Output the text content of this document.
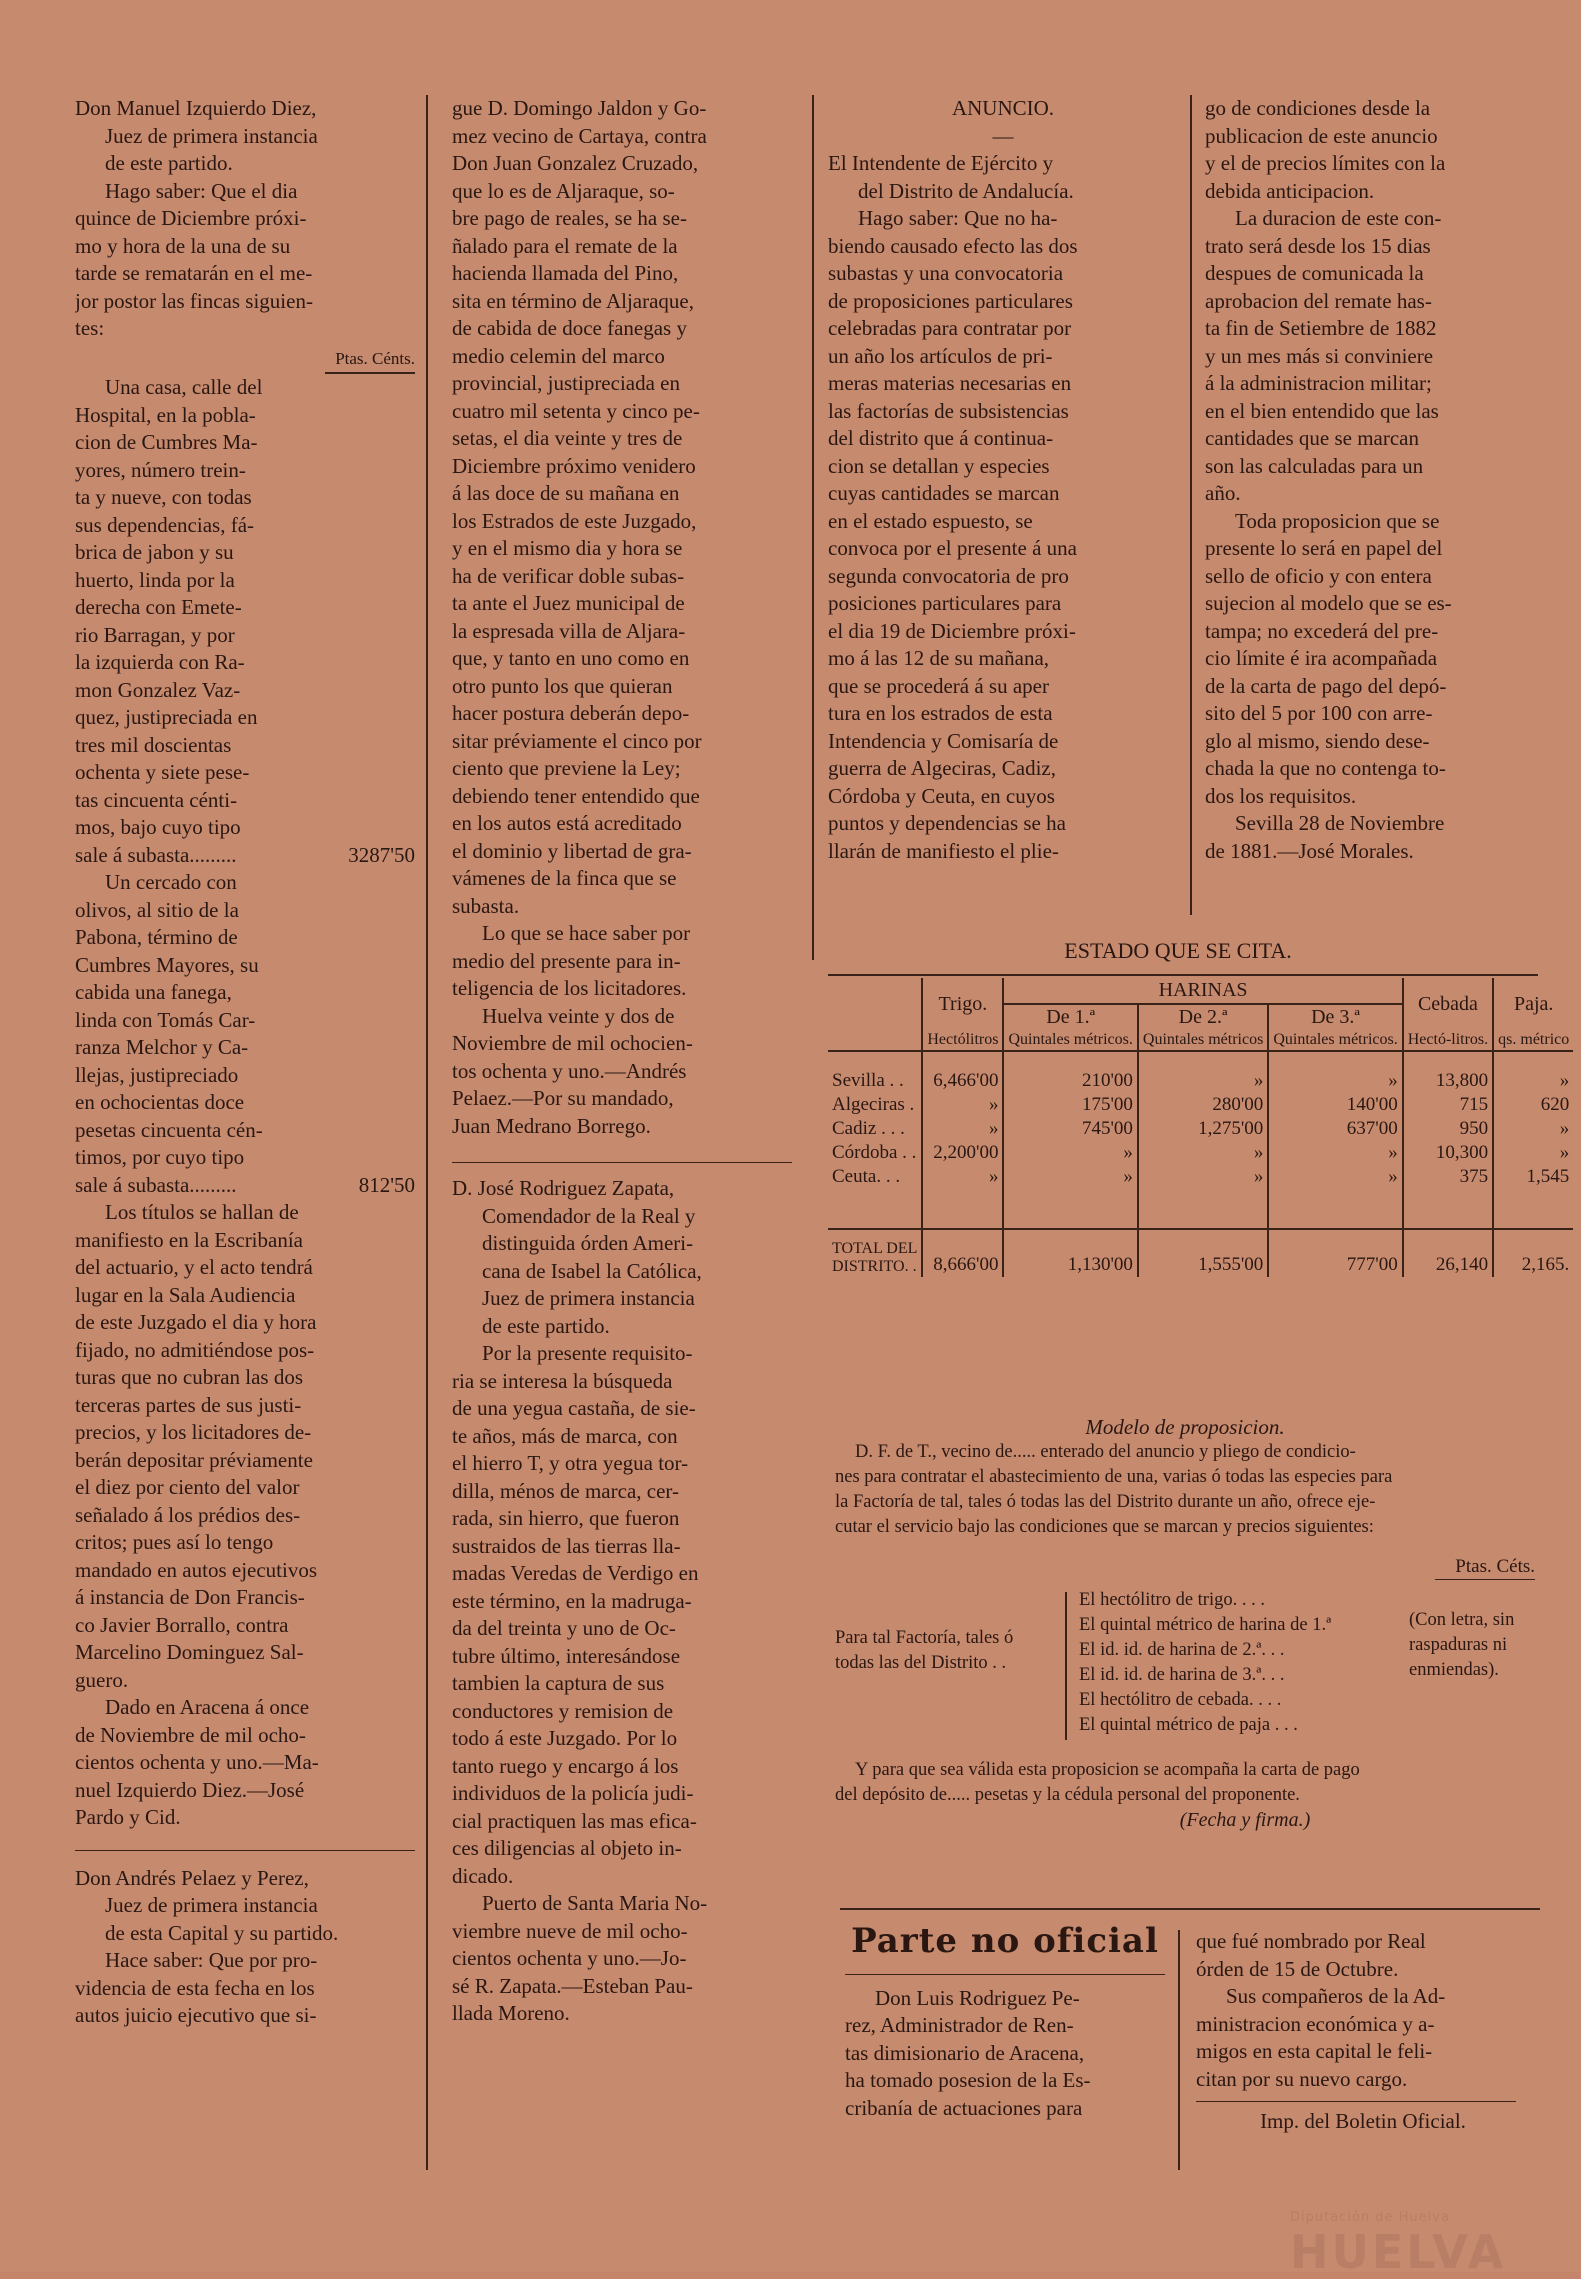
Don Manuel Izquierdo Diez,
Juez de primera instancia
de este partido.
Hago saber: Que el dia
quince de Diciembre próxi-
mo y hora de la una de su
tarde se rematarán en el me-
jor postor las fincas siguien-
tes:
Ptas. Cénts.
Una casa, calle del
Hospital, en la pobla-
cion de Cumbres Ma-
yores, número trein-
ta y nueve, con todas
sus dependencias, fá-
brica de jabon y su
huerto, linda por la
derecha con Emete-
rio Barragan, y por
la izquierda con Ra-
mon Gonzalez Vaz-
quez, justipreciada en
tres mil doscientas
ochenta y siete pese-
tas cincuenta cénti-
mos, bajo cuyo tipo
sale á subasta.........	3287'50
Un cercado con
olivos, al sitio de la
Pabona, término de
Cumbres Mayores, su
cabida una fanega,
linda con Tomás Car-
ranza Melchor y Ca-
llejas, justipreciado
en ochocientas doce
pesetas cincuenta cén-
timos, por cuyo tipo
sale á subasta.........	812'50
Los títulos se hallan de
manifiesto en la Escribanía
del actuario, y el acto tendrá
lugar en la Sala Audiencia
de este Juzgado el dia y hora
fijado, no admitiéndose pos-
turas que no cubran las dos
terceras partes de sus justi-
precios, y los licitadores de-
berán depositar préviamente
el diez por ciento del valor
señalado á los prédios des-
critos; pues así lo tengo
mandado en autos ejecutivos
á instancia de Don Francis-
co Javier Borrallo, contra
Marcelino Dominguez Sal-
guero.
Dado en Aracena á once
de Noviembre de mil ocho-
cientos ochenta y uno.—Ma-
nuel Izquierdo Diez.—José
Pardo y Cid.
Don Andrés Pelaez y Perez,
Juez de primera instancia
de esta Capital y su partido.
Hace saber: Que por pro-
videncia de esta fecha en los
autos juicio ejecutivo que si-
gue D. Domingo Jaldon y Go-
mez vecino de Cartaya, contra
Don Juan Gonzalez Cruzado,
que lo es de Aljaraque, so-
bre pago de reales, se ha se-
ñalado para el remate de la
hacienda llamada del Pino,
sita en término de Aljaraque,
de cabida de doce fanegas y
medio celemin del marco
provincial, justipreciada en
cuatro mil setenta y cinco pe-
setas, el dia veinte y tres de
Diciembre próximo venidero
á las doce de su mañana en
los Estrados de este Juzgado,
y en el mismo dia y hora se
ha de verificar doble subas-
ta ante el Juez municipal de
la espresada villa de Aljara-
que, y tanto en uno como en
otro punto los que quieran
hacer postura deberán depo-
sitar préviamente el cinco por
ciento que previene la Ley;
debiendo tener entendido que
en los autos está acreditado
el dominio y libertad de gra-
vámenes de la finca que se
subasta.
Lo que se hace saber por
medio del presente para in-
teligencia de los licitadores.
Huelva veinte y dos de
Noviembre de mil ochocien-
tos ochenta y uno.—Andrés
Pelaez.—Por su mandado,
Juan Medrano Borrego.
D. José Rodriguez Zapata,
Comendador de la Real y
distinguida órden Ameri-
cana de Isabel la Católica,
Juez de primera instancia
de este partido.
Por la presente requisito-
ria se interesa la búsqueda
de una yegua castaña, de sie-
te años, más de marca, con
el hierro T, y otra yegua tor-
dilla, ménos de marca, cer-
rada, sin hierro, que fueron
sustraidos de las tierras lla-
madas Veredas de Verdigo en
este término, en la madruga-
da del treinta y uno de Oc-
tubre último, interesándose
tambien la captura de sus
conductores y remision de
todo á este Juzgado. Por lo
tanto ruego y encargo á los
individuos de la policía judi-
cial practiquen las mas efica-
ces diligencias al objeto in-
dicado.
Puerto de Santa Maria No-
viembre nueve de mil ocho-
cientos ochenta y uno.—Jo-
sé R. Zapata.—Esteban Pau-
llada Moreno.
ANUNCIO.
—
El Intendente de Ejército y
del Distrito de Andalucía.
Hago saber: Que no ha-
biendo causado efecto las dos
subastas y una convocatoria
de proposiciones particulares
celebradas para contratar por
un año los artículos de pri-
meras materias necesarias en
las factorías de subsistencias
del distrito que á continua-
cion se detallan y especies
cuyas cantidades se marcan
en el estado espuesto, se
convoca por el presente á una
segunda convocatoria de pro
posiciones particulares para
el dia 19 de Diciembre próxi-
mo á las 12 de su mañana,
que se procederá á su aper
tura en los estrados de esta
Intendencia y Comisaría de
guerra de Algeciras, Cadiz,
Córdoba y Ceuta, en cuyos
puntos y dependencias se ha
llarán de manifiesto el plie-
go de condiciones desde la
publicacion de este anuncio
y el de precios límites con la
debida anticipacion.
La duracion de este con-
trato será desde los 15 dias
despues de comunicada la
aprobacion del remate has-
ta fin de Setiembre de 1882
y un mes más si conviniere
á la administracion militar;
en el bien entendido que las
cantidades que se marcan
son las calculadas para un
año.
Toda proposicion que se
presente lo será en papel del
sello de oficio y con entera
sujecion al modelo que se es-
tampa; no excederá del pre-
cio límite é ira acompañada
de la carta de pago del depó-
sito del 5 por 100 con arre-
glo al mismo, siendo dese-
chada la que no contenga to-
dos los requisitos.
Sevilla 28 de Noviembre
de 1881.—José Morales.
ESTADO QUE SE CITA.
	Trigo.	HARINAS			Cebada	Paja.
		De 1.ª	De 2.ª	De 3.ª		
	Hectólitros	Quintales métricos.	Quintales métricos	Quintales métricos.	Hectó-litros.	qs. métrico
Sevilla . .	6,466'00	210'00	»	»	13,800	»
Algeciras .	»	175'00	280'00	140'00	715	620
Cadiz . . .	»	745'00	1,275'00	637'00	950	»
Córdoba . .	2,200'00	»	»	»	10,300	»
Ceuta. . .	»	»	»	»	375	1,545

TOTAL DEL
DISTRITO. .	8,666'00	1,130'00	1,555'00	777'00	26,140	2,165.
Modelo de proposicion.
D. F. de T., vecino de..... enterado del anuncio y pliego de condicio-
nes para contratar el abastecimiento de una, varias ó todas las especies para
la Factoría de tal, tales ó todas las del Distrito durante un año, ofrece eje-
cutar el servicio bajo las condiciones que se marcan y precios siguientes:
Ptas. Céts.
Para tal Factoría, tales ó
todas las del Distrito . .
El hectólitro de trigo. . . .
El quintal métrico de harina de 1.ª
El id. id. de harina de 2.ª. . .
El id. id. de harina de 3.ª. . .
El hectólitro de cebada. . . .
El quintal métrico de paja . . .
(Con letra, sin
raspaduras ni
enmiendas).
Y para que sea válida esta proposicion se acompaña la carta de pago
del depósito de..... pesetas y la cédula personal del proponente.
(Fecha y firma.)
Parte no oficial
Don Luis Rodriguez Pe-
rez, Administrador de Ren-
tas dimisionario de Aracena,
ha tomado posesion de la Es-
cribanía de actuaciones para
que fué nombrado por Real
órden de 15 de Octubre.
Sus compañeros de la Ad-
ministracion económica y a-
migos en esta capital le feli-
citan por su nuevo cargo.
Imp. del Boletin Oficial.
Diputación de Huelva
HUELVA
